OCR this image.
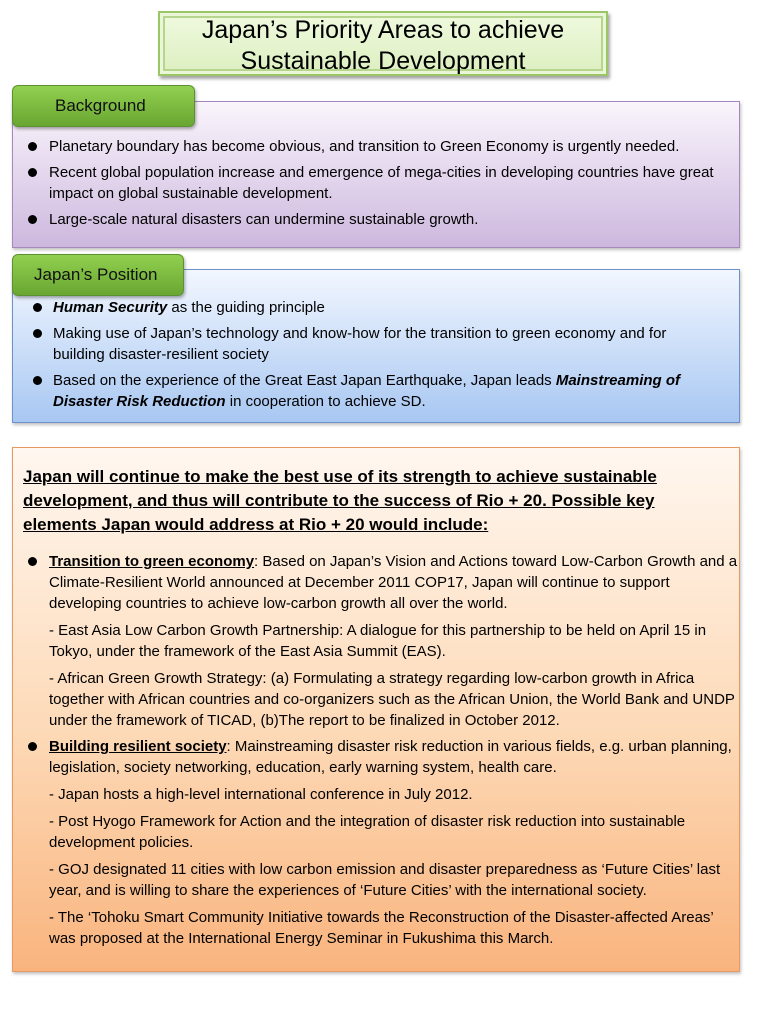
Japan’s Priority Areas to achieve
Sustainable Development
Background
Planetary boundary has become obvious, and transition to Green Economy is urgently needed.
Recent global population increase and emergence of mega-cities in developing countries have great impact on global sustainable development.
Large-scale natural disasters can undermine sustainable growth.
Japan’s Position
Human Security as the guiding principle
Making use of Japan’s technology and know-how for the transition to green economy and for building disaster-resilient society
Based on the experience of the Great East Japan Earthquake, Japan leads Mainstreaming of Disaster Risk Reduction in cooperation to achieve SD.
Japan will continue to make the best use of its strength to achieve sustainable development, and thus will contribute to the success of Rio + 20. Possible key elements Japan would address at Rio + 20 would include:
Transition to green economy: Based on Japan’s Vision and Actions toward Low-Carbon Growth and a Climate-Resilient World announced at December 2011 COP17, Japan will continue to support developing countries to achieve low-carbon growth all over the world.
- East Asia Low Carbon Growth Partnership: A dialogue for this partnership to be held on April 15 in Tokyo, under the framework of the East Asia Summit (EAS).
- African Green Growth Strategy: (a) Formulating a strategy regarding low-carbon growth in Africa together with African countries and co-organizers such as the African Union, the World Bank and UNDP under the framework of TICAD, (b)The report to be finalized in October 2012.
Building resilient society: Mainstreaming disaster risk reduction in various fields, e.g. urban planning, legislation, society networking, education, early warning system, health care.
- Japan hosts a high-level international conference in July 2012.
- Post Hyogo Framework for Action and the integration of disaster risk reduction into sustainable development policies.
- GOJ designated 11 cities with low carbon emission and disaster preparedness as ‘Future Cities’ last year, and is willing to share the experiences of ‘Future Cities’ with the international society.
- The ‘Tohoku Smart Community Initiative towards the Reconstruction of the Disaster-affected Areas’ was proposed at the International Energy Seminar in Fukushima this March.
